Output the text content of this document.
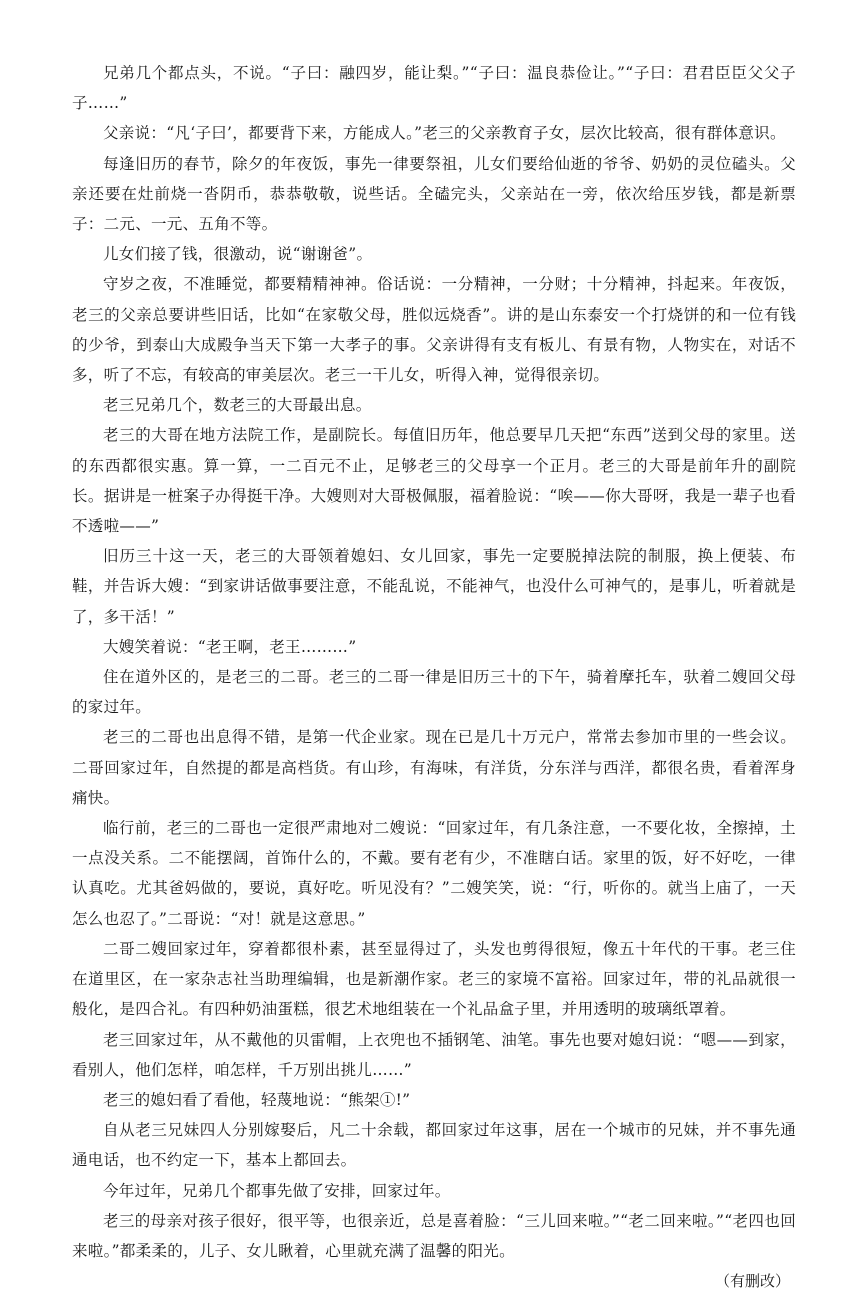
兄弟几个都点头，不说。“子曰：融四岁，能让梨。”“子曰：温良恭俭让。”“子曰：君君臣臣父父子子……”

父亲说：“凡‘子曰’，都要背下来，方能成人。”老三的父亲教育子女，层次比较高，很有群体意识。

每逢旧历的春节，除夕的年夜饭，事先一律要祭祖，儿女们要给仙逝的爷爷、奶奶的灵位磕头。父亲还要在灶前烧一沓阴币，恭恭敬敬，说些话。全磕完头，父亲站在一旁，依次给压岁钱，都是新票子：二元、一元、五角不等。

儿女们接了钱，很激动，说“谢谢爸”。

守岁之夜，不准睡觉，都要精精神神。俗话说：一分精神，一分财；十分精神，抖起来。年夜饭，老三的父亲总要讲些旧话，比如“在家敬父母，胜似远烧香”。讲的是山东泰安一个打烧饼的和一位有钱的少爷，到泰山大成殿争当天下第一大孝子的事。父亲讲得有支有板儿、有景有物，人物实在，对话不多，听了不忘，有较高的审美层次。老三一干儿女，听得入神，觉得很亲切。

老三兄弟几个，数老三的大哥最出息。

老三的大哥在地方法院工作，是副院长。每值旧历年，他总要早几天把“东西”送到父母的家里。送的东西都很实惠。算一算，一二百元不止，足够老三的父母享一个正月。老三的大哥是前年升的副院长。据讲是一桩案子办得挺干净。大嫂则对大哥极佩服，福着脸说：“唉——你大哥呀，我是一辈子也看不透啦——”

旧历三十这一天，老三的大哥领着媳妇、女儿回家，事先一定要脱掉法院的制服，换上便装、布鞋，并告诉大嫂：“到家讲话做事要注意，不能乱说，不能神气，也没什么可神气的，是事儿，听着就是了，多干活！”

大嫂笑着说：“老王啊，老王………”

住在道外区的，是老三的二哥。老三的二哥一律是旧历三十的下午，骑着摩托车，驮着二嫂回父母的家过年。

老三的二哥也出息得不错，是第一代企业家。现在已是几十万元户，常常去参加市里的一些会议。二哥回家过年，自然提的都是高档货。有山珍，有海味，有洋货，分东洋与西洋，都很名贵，看着浑身痛快。

临行前，老三的二哥也一定很严肃地对二嫂说：“回家过年，有几条注意，一不要化妆，全擦掉，土一点没关系。二不能摆阔，首饰什么的，不戴。要有老有少，不准瞎白话。家里的饭，好不好吃，一律认真吃。尤其爸妈做的，要说，真好吃。听见没有？”二嫂笑笑，说：“行，听你的。就当上庙了，一天怎么也忍了。”二哥说：“对！就是这意思。”

二哥二嫂回家过年，穿着都很朴素，甚至显得过了，头发也剪得很短，像五十年代的干事。老三住在道里区，在一家杂志社当助理编辑，也是新潮作家。老三的家境不富裕。回家过年，带的礼品就很一般化，是四合礼。有四种奶油蛋糕，很艺术地组装在一个礼品盒子里，并用透明的玻璃纸罩着。

老三回家过年，从不戴他的贝雷帽，上衣兜也不插钢笔、油笔。事先也要对媳妇说：“嗯——到家，看别人，他们怎样，咱怎样，千万别出挑儿……”

老三的媳妇看了看他，轻蔑地说：“熊架①!”

自从老三兄妹四人分别嫁娶后，凡二十余载，都回家过年这事，居在一个城市的兄妹，并不事先通通电话，也不约定一下，基本上都回去。

今年过年，兄弟几个都事先做了安排，回家过年。

老三的母亲对孩子很好，很平等，也很亲近，总是喜着脸：“三儿回来啦。”“老二回来啦。”“老四也回来啦。”都柔柔的，儿子、女儿瞅着，心里就充满了温馨的阳光。

（有删改）
